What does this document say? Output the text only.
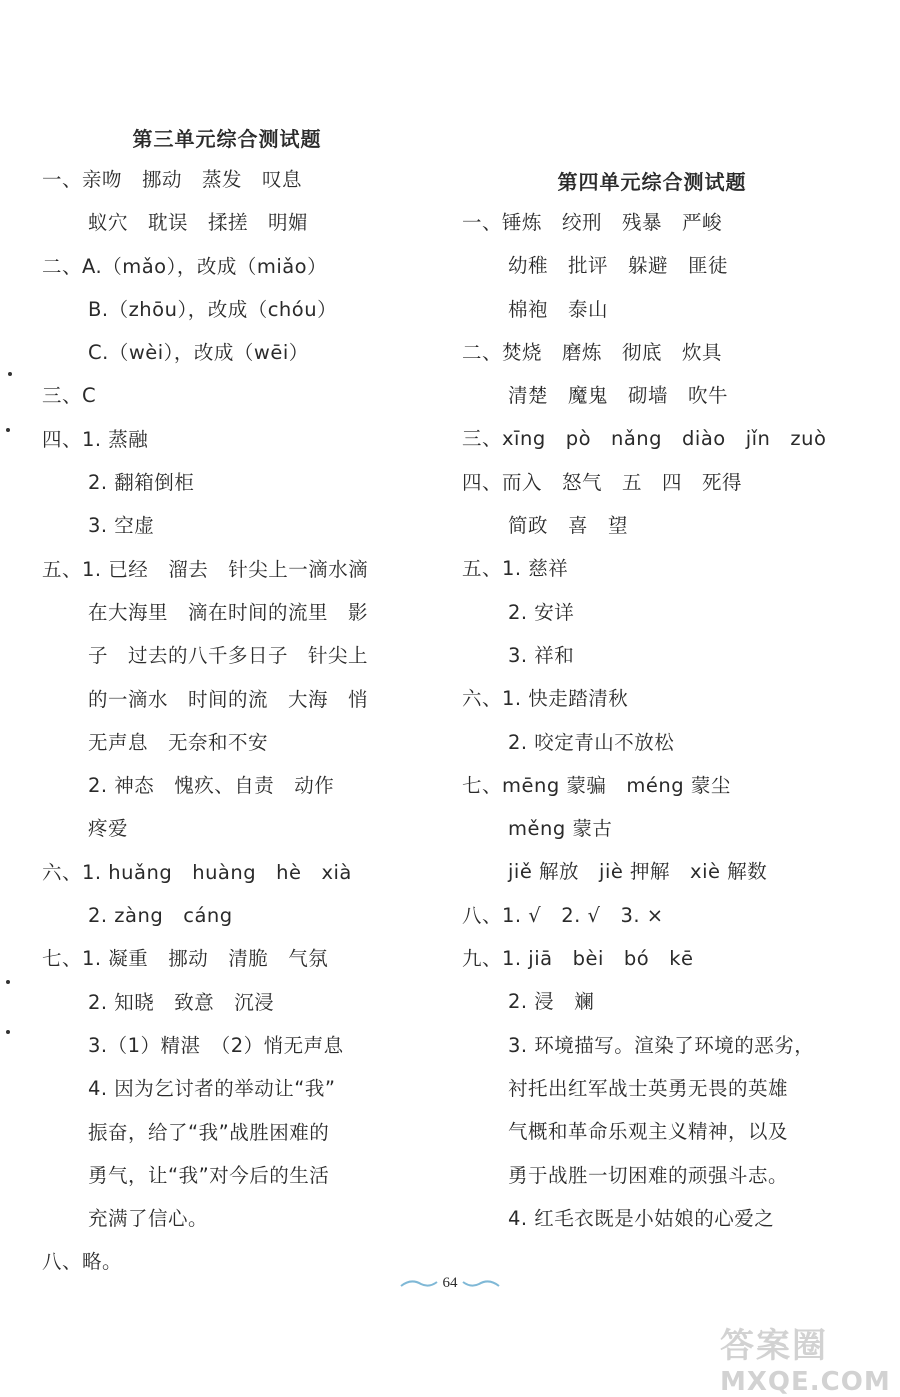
第三单元综合测试题
一、亲吻　挪动　蒸发　叹息
蚁穴　耽误　揉搓　明媚
二、A.（mǎo），改成（miǎo）
B.（zhōu），改成（chóu）
C.（wèi），改成（wēi）
三、C
四、1. 蒸融
2. 翻箱倒柜
3. 空虚
五、1. 已经　溜去　针尖上一滴水滴
在大海里　滴在时间的流里　影
子　过去的八千多日子　针尖上
的一滴水　时间的流　大海　悄
无声息　无奈和不安
2. 神态　愧疚、自责　动作
疼爱
六、1. huǎng　huàng　hè　xià
2. zàng　cáng
七、1. 凝重　挪动　清脆　气氛
2. 知晓　致意　沉浸
3.（1）精湛　（2）悄无声息
4. 因为乞讨者的举动让“我”
振奋，给了“我”战胜困难的
勇气，让“我”对今后的生活
充满了信心。
八、略。
第四单元综合测试题
一、锤炼　绞刑　残暴　严峻
幼稚　批评　躲避　匪徒
棉袍　泰山
二、焚烧　磨炼　彻底　炊具
清楚　魔鬼　砌墙　吹牛
三、xīng　pò　nǎng　diào　jǐn　zuò
四、而入　怒气　五　四　死得
简政　喜　望
五、1. 慈祥
2. 安详
3. 祥和
六、1. 快走踏清秋
2. 咬定青山不放松
七、mēng 蒙骗　méng 蒙尘
měng 蒙古
jiě 解放　jiè 押解　xiè 解数
八、1. √　2. √　3. ×
九、1. jiā　bèi　bó　kē
2. 浸　斓
3. 环境描写。渲染了环境的恶劣，
衬托出红军战士英勇无畏的英雄
气概和革命乐观主义精神，以及
勇于战胜一切困难的顽强斗志。
4. 红毛衣既是小姑娘的心爱之
64
答案圈
MXQE.COM
